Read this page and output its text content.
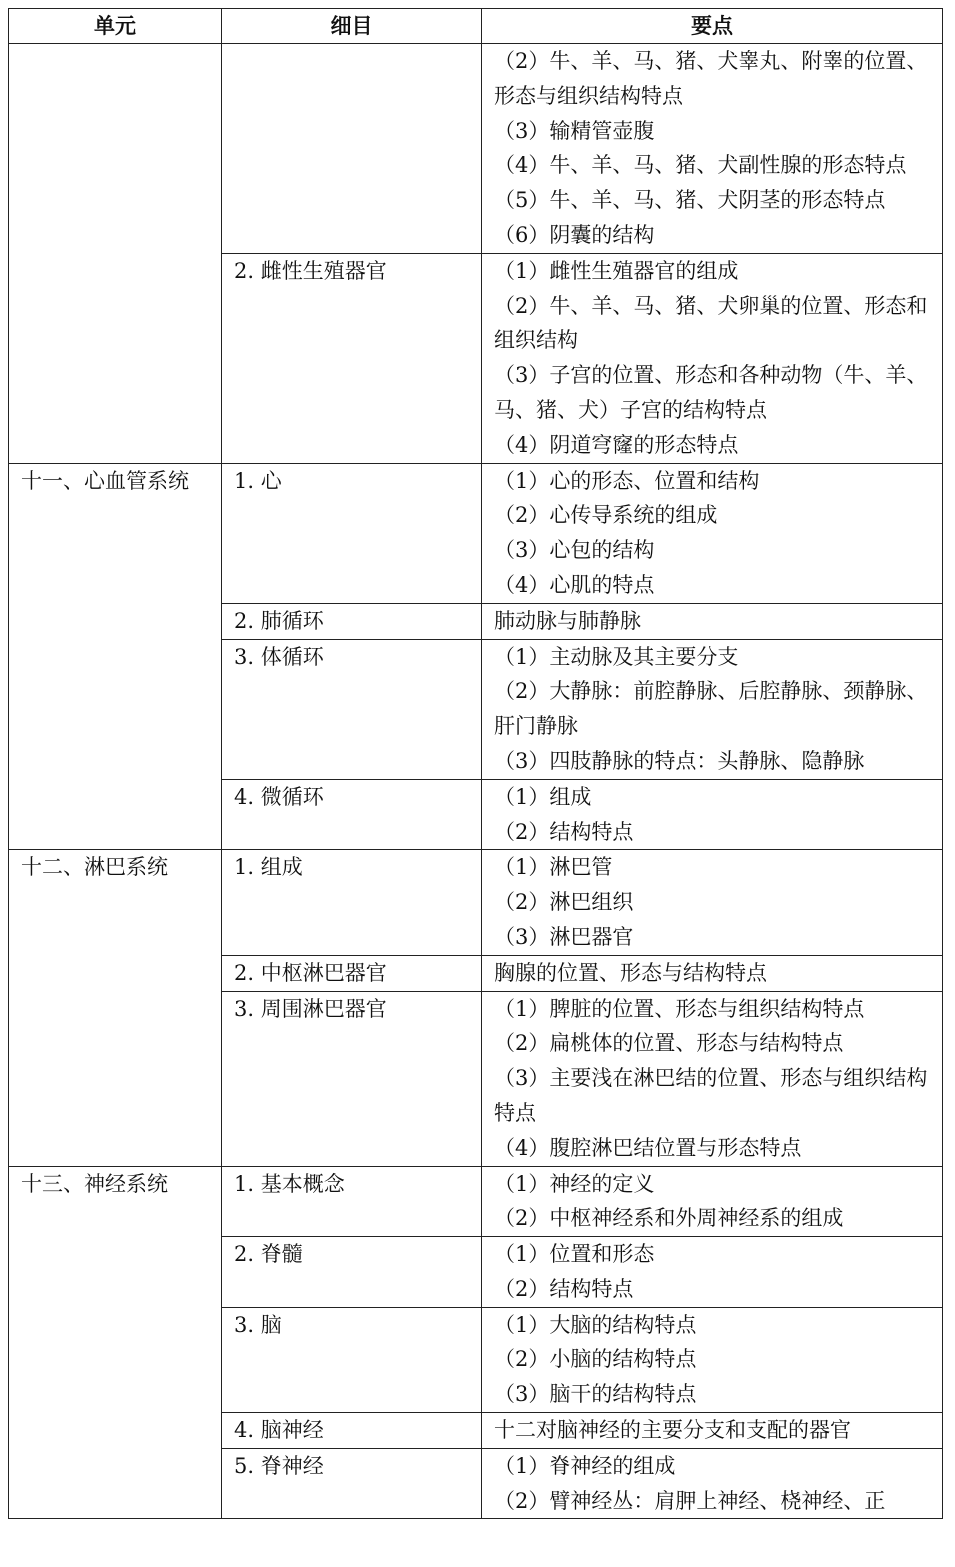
单元	细目	要点

		（2）牛、羊、马、猪、犬睾丸、附睾的位置、形态与组织结构特点
（3）输精管壶腹
（4）牛、羊、马、猪、犬副性腺的形态特点
（5）牛、羊、马、猪、犬阴茎的形态特点
（6）阴囊的结构

	2. 雌性生殖器官	（1）雌性生殖器官的组成
（2）牛、羊、马、猪、犬卵巢的位置、形态和组织结构
（3）子宫的位置、形态和各种动物（牛、羊、马、猪、犬）子宫的结构特点
（4）阴道穹窿的形态特点

十一、心血管系统	1. 心	（1）心的形态、位置和结构
（2）心传导系统的组成
（3）心包的结构
（4）心肌的特点

	2. 肺循环	肺动脉与肺静脉

	3. 体循环	（1）主动脉及其主要分支
（2）大静脉：前腔静脉、后腔静脉、颈静脉、肝门静脉
（3）四肢静脉的特点：头静脉、隐静脉

	4. 微循环	（1）组成
（2）结构特点

十二、淋巴系统	1. 组成	（1）淋巴管
（2）淋巴组织
（3）淋巴器官

	2. 中枢淋巴器官	胸腺的位置、形态与结构特点

	3. 周围淋巴器官	（1）脾脏的位置、形态与组织结构特点
（2）扁桃体的位置、形态与结构特点
（3）主要浅在淋巴结的位置、形态与组织结构特点
（4）腹腔淋巴结位置与形态特点

十三、神经系统	1. 基本概念	（1）神经的定义
（2）中枢神经系和外周神经系的组成

	2. 脊髓	（1）位置和形态
（2）结构特点

	3. 脑	（1）大脑的结构特点
（2）小脑的结构特点
（3）脑干的结构特点

	4. 脑神经	十二对脑神经的主要分支和支配的器官

	5. 脊神经	（1）脊神经的组成
（2）臂神经丛：肩胛上神经、桡神经、正
